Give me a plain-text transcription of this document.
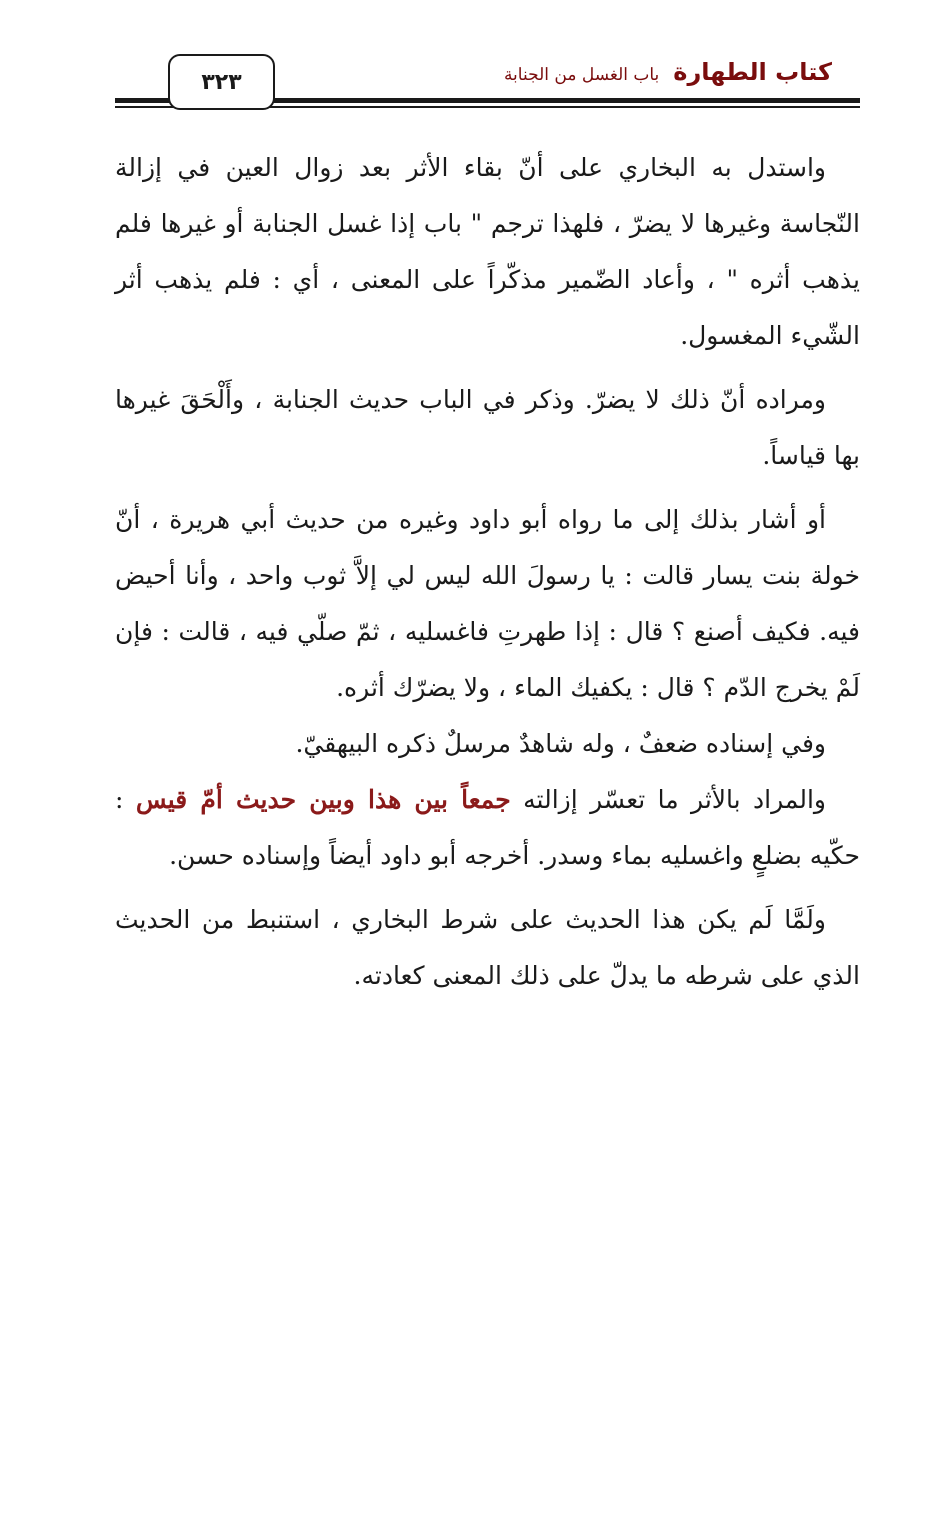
كتاب الطهارة
باب الغسل من الجنابة
٣٢٣

واستدل به البخاري على أنّ بقاء الأثر بعد زوال العين في إزالة النّجاسة وغيرها لا يضرّ ، فلهذا ترجم " باب إذا غسل الجنابة أو غيرها فلم يذهب أثره " ، وأعاد الضّمير مذكّراً على المعنى ، أي : فلم يذهب أثر الشّيء المغسول.

ومراده أنّ ذلك لا يضرّ. وذكر في الباب حديث الجنابة ، وأَلْحَقَ غيرها بها قياساً.

أو أشار بذلك إلى ما رواه أبو داود وغيره من حديث أبي هريرة ، أنّ خولة بنت يسار قالت : يا رسولَ الله ليس لي إلاَّ ثوب واحد ، وأنا أحيض فيه. فكيف أصنع ؟ قال : إذا طهرتِ فاغسليه ، ثمّ صلّي فيه ، قالت : فإن لَمْ يخرج الدّم ؟ قال : يكفيك الماء ، ولا يضرّك أثره.

وفي إسناده ضعفٌ ، وله شاهدٌ مرسلٌ ذكره البيهقيّ.

والمراد بالأثر ما تعسّر إزالته جمعاً بين هذا وبين حديث أمّ قيس : حكّيه بضلعٍ واغسليه بماء وسدر. أخرجه أبو داود أيضاً وإسناده حسن.

ولَمَّا لَم يكن هذا الحديث على شرط البخاري ، استنبط من الحديث الذي على شرطه ما يدلّ على ذلك المعنى كعادته.
